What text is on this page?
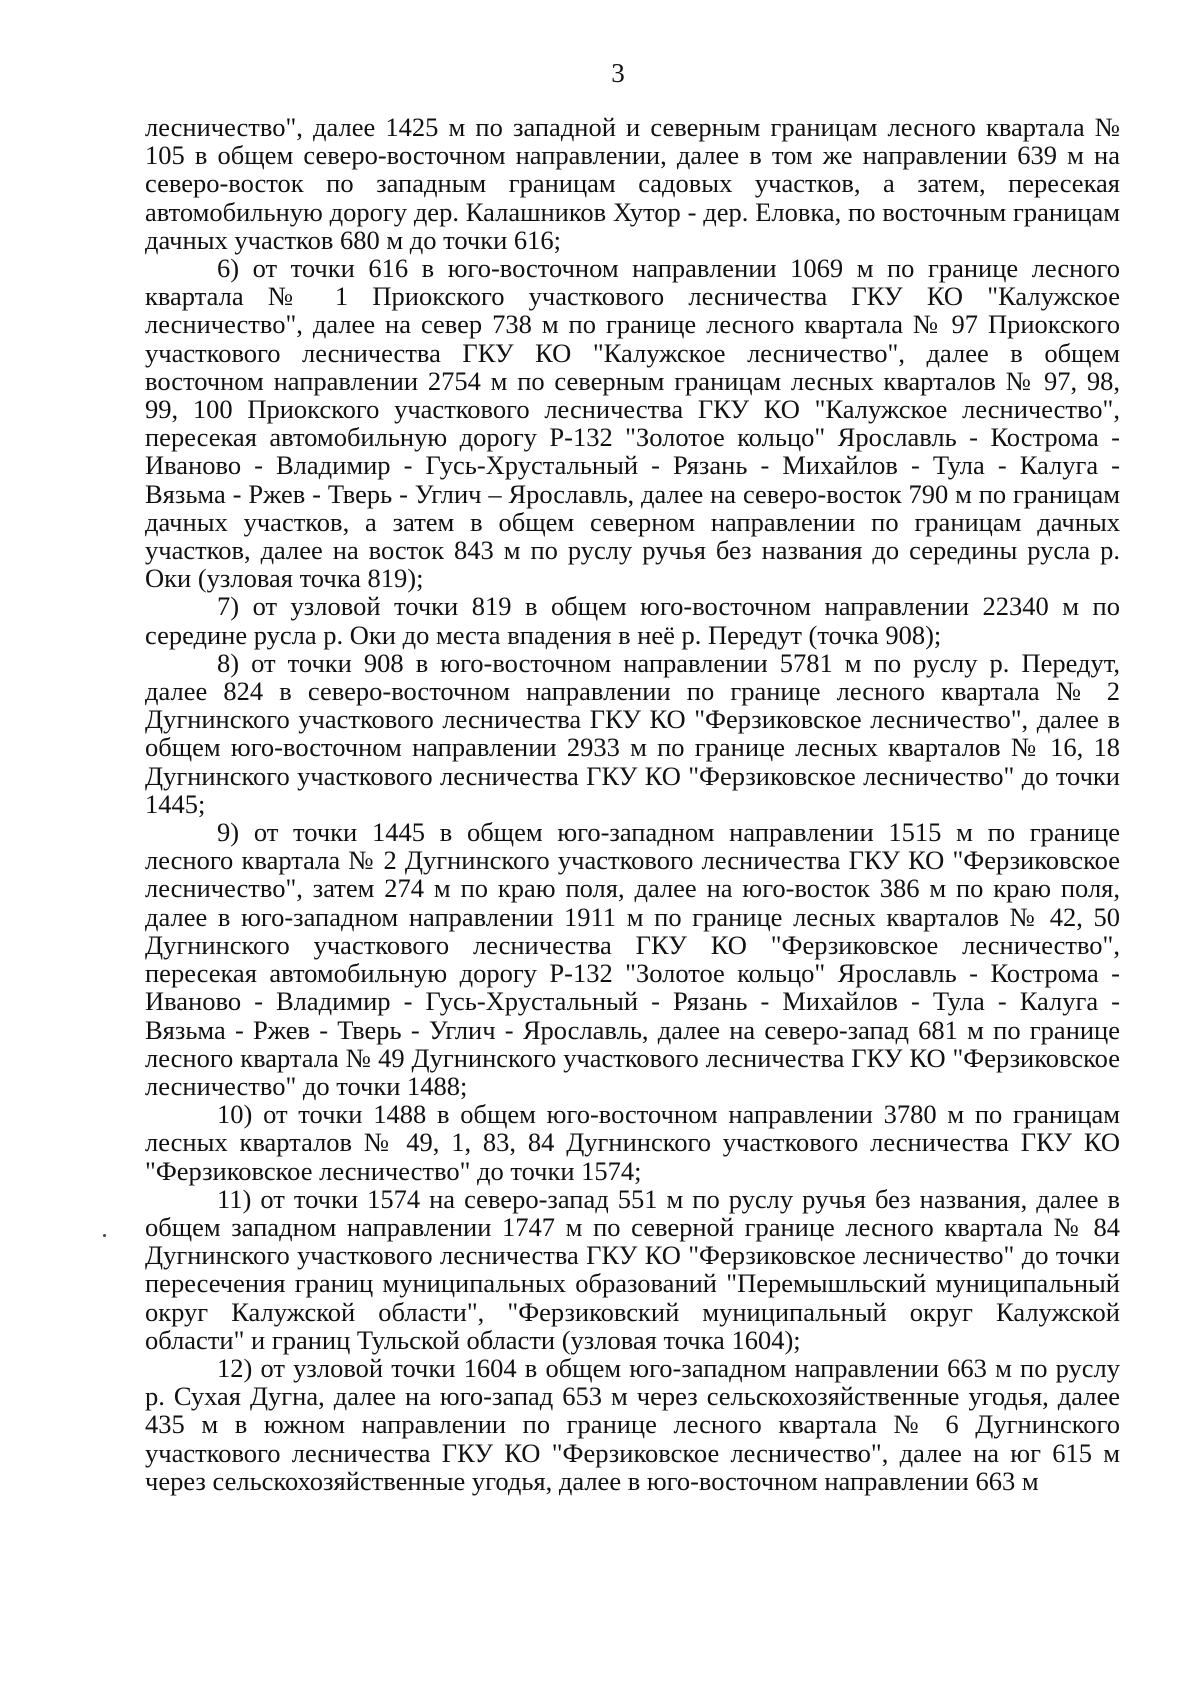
3

лесничество", далее 1425 м по западной и северным границам лесного квартала № 105 в общем северо-восточном направлении, далее в том же направлении 639 м на северо-восток по западным границам садовых участков, а затем, пересекая автомобильную дорогу дер. Калашников Хутор - дер. Еловка, по восточным границам дачных участков 680 м до точки 616;

6) от точки 616 в юго-восточном направлении 1069 м по границе лесного квартала № 1 Приокского участкового лесничества ГКУ КО "Калужское лесничество", далее на север 738 м по границе лесного квартала № 97 Приокского участкового лесничества ГКУ КО "Калужское лесничество", далее в общем восточном направлении 2754 м по северным границам лесных кварталов № 97, 98, 99, 100 Приокского участкового лесничества ГКУ КО "Калужское лесничество", пересекая автомобильную дорогу Р-132 "Золотое кольцо" Ярославль - Кострома - Иваново - Владимир - Гусь-Хрустальный - Рязань - Михайлов - Тула - Калуга - Вязьма - Ржев - Тверь - Углич – Ярославль, далее на северо-восток 790 м по границам дачных участков, а затем в общем северном направлении по границам дачных участков, далее на восток 843 м по руслу ручья без названия до середины русла р. Оки (узловая точка 819);

7) от узловой точки 819 в общем юго-восточном направлении 22340 м по середине русла р. Оки до места впадения в неё р. Передут (точка 908);

8) от точки 908 в юго-восточном направлении 5781 м по руслу р. Передут, далее 824 в северо-восточном направлении по границе лесного квартала № 2 Дугнинского участкового лесничества ГКУ КО "Ферзиковское лесничество", далее в общем юго-восточном направлении 2933 м по границе лесных кварталов № 16, 18 Дугнинского участкового лесничества ГКУ КО "Ферзиковское лесничество" до точки 1445;

9) от точки 1445 в общем юго-западном направлении 1515 м по границе лесного квартала № 2 Дугнинского участкового лесничества ГКУ КО "Ферзиковское лесничество", затем 274 м по краю поля, далее на юго-восток 386 м по краю поля, далее в юго-западном направлении 1911 м по границе лесных кварталов № 42, 50 Дугнинского участкового лесничества ГКУ КО "Ферзиковское лесничество", пересекая автомобильную дорогу Р-132 "Золотое кольцо" Ярославль - Кострома - Иваново - Владимир - Гусь-Хрустальный - Рязань - Михайлов - Тула - Калуга - Вязьма - Ржев - Тверь - Углич - Ярославль, далее на северо-запад 681 м по границе лесного квартала № 49 Дугнинского участкового лесничества ГКУ КО "Ферзиковское лесничество" до точки 1488;

10) от точки 1488 в общем юго-восточном направлении 3780 м по границам лесных кварталов № 49, 1, 83, 84 Дугнинского участкового лесничества ГКУ КО "Ферзиковское лесничество" до точки 1574;

11) от точки 1574 на северо-запад 551 м по руслу ручья без названия, далее в общем западном направлении 1747 м по северной границе лесного квартала № 84 Дугнинского участкового лесничества ГКУ КО "Ферзиковское лесничество" до точки пересечения границ муниципальных образований "Перемышльский муниципальный округ Калужской области", "Ферзиковский муниципальный округ Калужской области" и границ Тульской области (узловая точка 1604);

12) от узловой точки 1604 в общем юго-западном направлении 663 м по руслу р. Сухая Дугна, далее на юго-запад 653 м через сельскохозяйственные угодья, далее 435 м в южном направлении по границе лесного квартала № 6 Дугнинского участкового лесничества ГКУ КО "Ферзиковское лесничество", далее на юг 615 м через сельскохозяйственные угодья, далее в юго-восточном направлении 663 м
